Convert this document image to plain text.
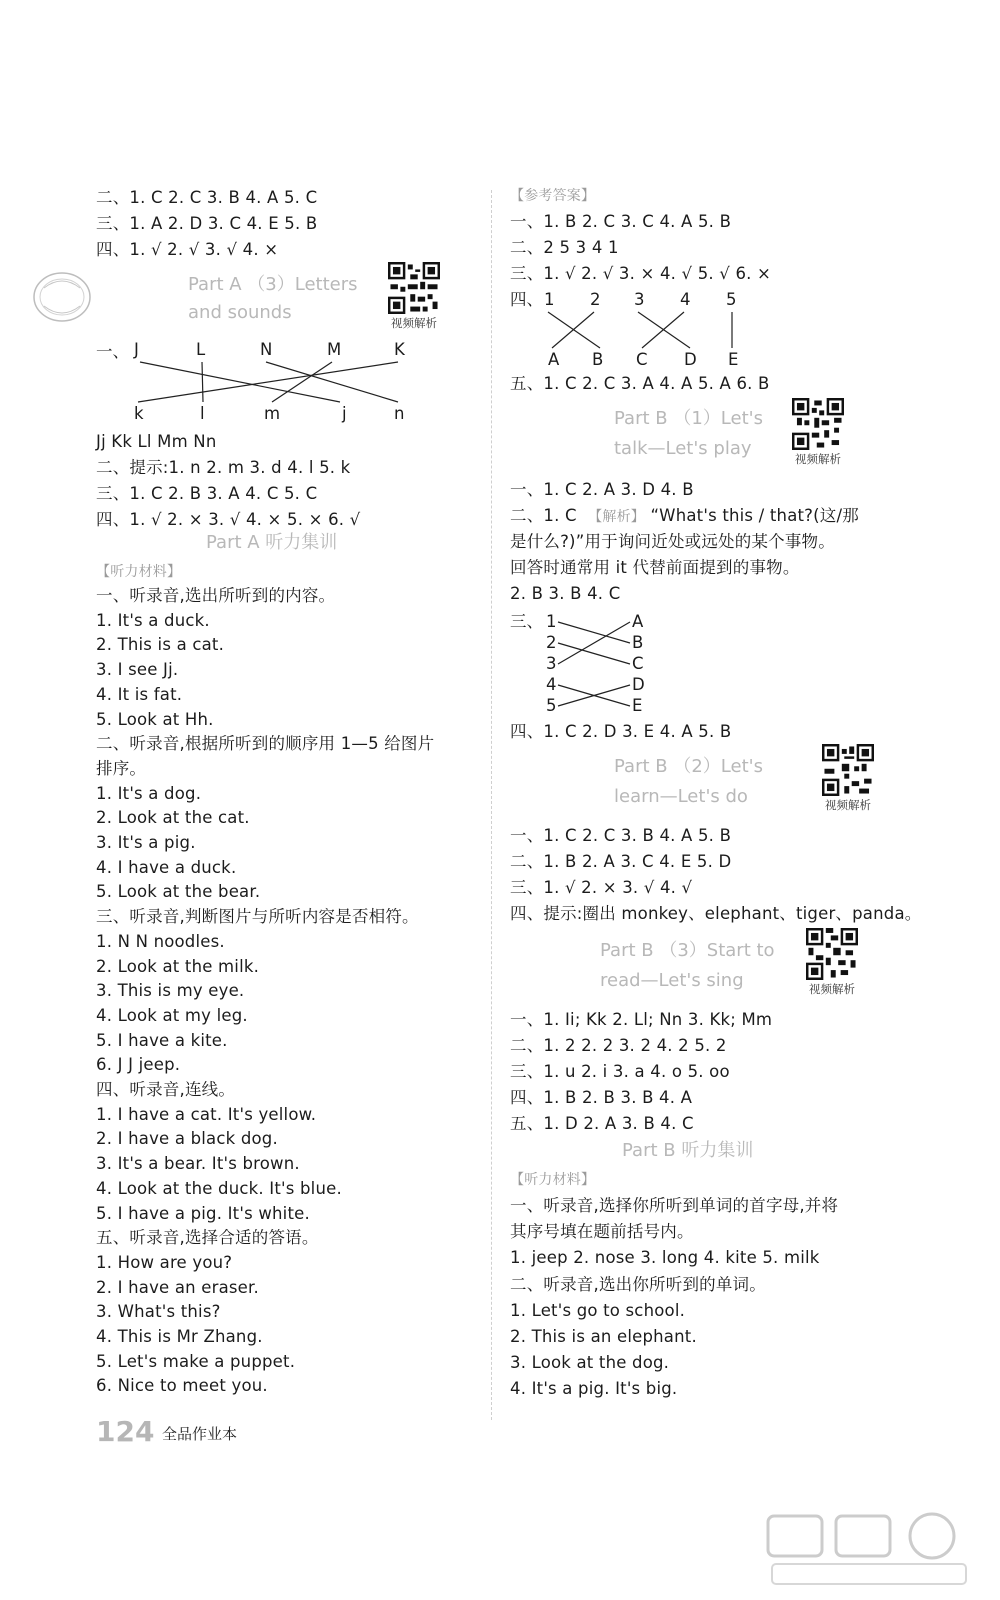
二、1. C 2. C 3. B 4. A 5. C
三、1. A 2. D 3. C 4. E 5. B
四、1. √ 2. √ 3. √ 4. ×
Part A （3）Letters
and sounds	视频解析
一、 J	L	N	M	K
k	l	m	j	n
Jj Kk Ll Mm Nn
二、提示:1. n 2. m 3. d 4. l 5. k
三、1. C 2. B 3. A 4. C 5. C
四、1. √ 2. × 3. √ 4. × 5. × 6. √
Part A 听力集训
【听力材料】
一、听录音,选出所听到的内容。
1. It's a duck.
2. This is a cat.
3. I see Jj.
4. It is fat.
5. Look at Hh.
二、听录音,根据所听到的顺序用 1—5 给图片
排序。
1. It's a dog.
2. Look at the cat.
3. It's a pig.
4. I have a duck.
5. Look at the bear.
三、听录音,判断图片与所听内容是否相符。
1. N N noodles.
2. Look at the milk.
3. This is my eye.
4. Look at my leg.
5. I have a kite.
6. J J jeep.
四、听录音,连线。
1. I have a cat. It's yellow.
2. I have a black dog.
3. It's a bear. It's brown.
4. Look at the duck. It's blue.
5. I have a pig. It's white.
五、听录音,选择合适的答语。
1. How are you?
2. I have an eraser.
3. What's this?
4. This is Mr Zhang.
5. Let's make a puppet.
6. Nice to meet you.
【参考答案】
一、1. B 2. C 3. C 4. A 5. B
二、2 5 3 4 1
三、1. √ 2. √ 3. × 4. √ 5. √ 6. ×
四、 1 2 3 4 5
A B C D E
五、1. C 2. C 3. A 4. A 5. A 6. B
Part B （1）Let's
talk—Let's play	视频解析
一、1. C 2. A 3. D 4. B
二、1. C 【解析】 “What's this / that?(这/那
是什么?)”用于询问近处或远处的某个事物。
回答时通常用 it 代替前面提到的事物。
2. B 3. B 4. C
三、 1
2
3
4
5
A
B
C
D
E
四、1. C 2. D 3. E 4. A 5. B
Part B （2）Let's
learn—Let's do	视频解析
一、1. C 2. C 3. B 4. A 5. B
二、1. B 2. A 3. C 4. E 5. D
三、1. √ 2. × 3. √ 4. √
四、提示:圈出 monkey、elephant、tiger、panda。
Part B （3）Start to
read—Let's sing	视频解析
一、1. Ii; Kk 2. Ll; Nn 3. Kk; Mm
二、1. 2 2. 2 3. 2 4. 2 5. 2
三、1. u 2. i 3. a 4. o 5. oo
四、1. B 2. B 3. B 4. A
五、1. D 2. A 3. B 4. C
Part B 听力集训
【听力材料】
一、听录音,选择你所听到单词的首字母,并将
其序号填在题前括号内。
1. jeep 2. nose 3. long 4. kite 5. milk
二、听录音,选出你所听到的单词。
1. Let's go to school.
2. This is an elephant.
3. Look at the dog.
4. It's a pig. It's big.
124 全品作业本
